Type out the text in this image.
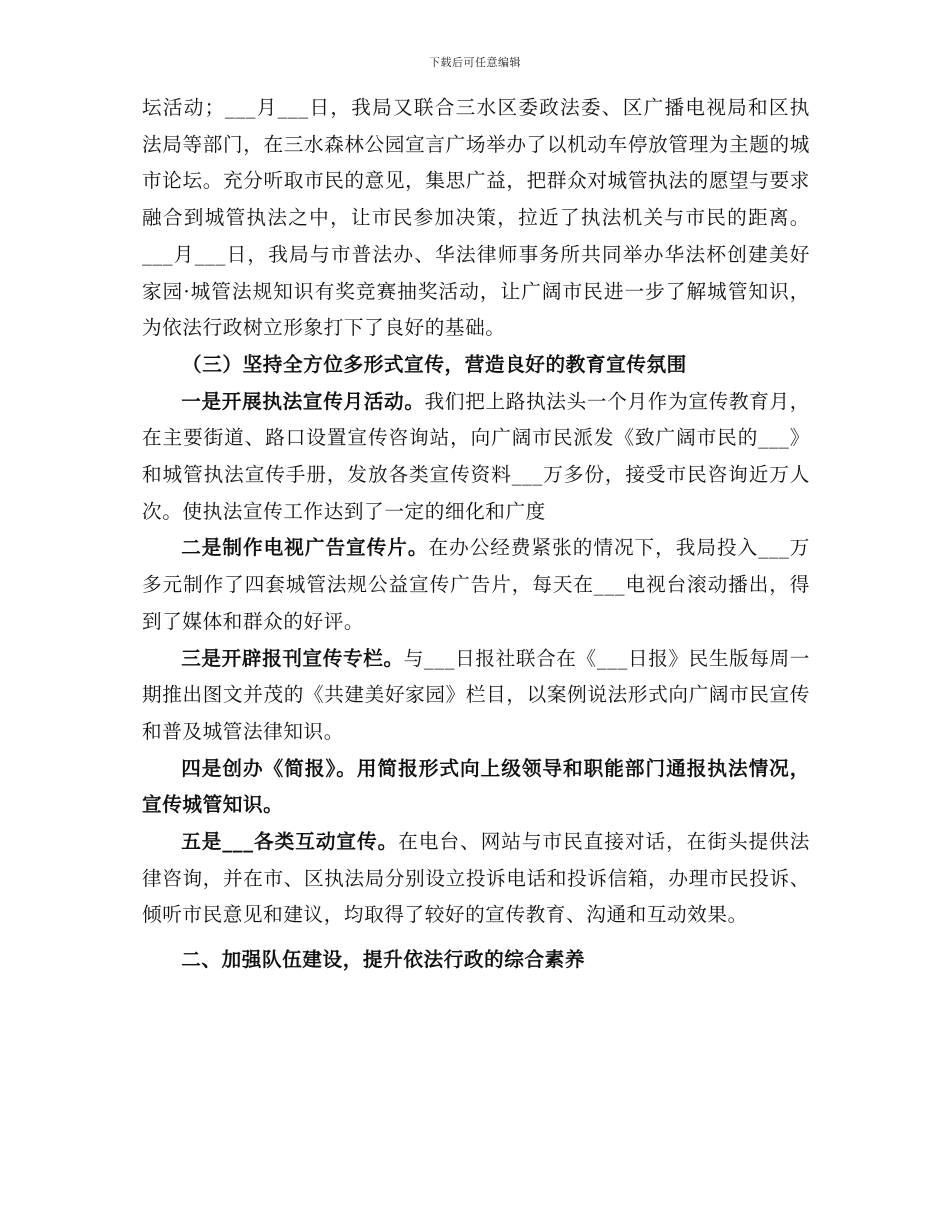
下载后可任意编辑

坛活动；___月___日，我局又联合三水区委政法委、区广播电视局和区执法局等部门，在三水森林公园宣言广场举办了以机动车停放管理为主题的城市论坛。充分听取市民的意见，集思广益，把群众对城管执法的愿望与要求融合到城管执法之中，让市民参加决策，拉近了执法机关与市民的距离。___月___日，我局与市普法办、华法律师事务所共同举办华法杯创建美好家园·城管法规知识有奖竞赛抽奖活动，让广阔市民进一步了解城管知识，为依法行政树立形象打下了良好的基础。

（三）坚持全方位多形式宣传，营造良好的教育宣传氛围

一是开展执法宣传月活动。我们把上路执法头一个月作为宣传教育月，在主要街道、路口设置宣传咨询站，向广阔市民派发《致广阔市民的___》和城管执法宣传手册，发放各类宣传资料___万多份，接受市民咨询近万人次。使执法宣传工作达到了一定的细化和广度

二是制作电视广告宣传片。在办公经费紧张的情况下，我局投入___万多元制作了四套城管法规公益宣传广告片，每天在___电视台滚动播出，得到了媒体和群众的好评。

三是开辟报刊宣传专栏。与___日报社联合在《___日报》民生版每周一期推出图文并茂的《共建美好家园》栏目，以案例说法形式向广阔市民宣传和普及城管法律知识。

四是创办《简报》。用简报形式向上级领导和职能部门通报执法情况，宣传城管知识。

五是___各类互动宣传。在电台、网站与市民直接对话，在街头提供法律咨询，并在市、区执法局分别设立投诉电话和投诉信箱，办理市民投诉、倾听市民意见和建议，均取得了较好的宣传教育、沟通和互动效果。

二、加强队伍建设，提升依法行政的综合素养
